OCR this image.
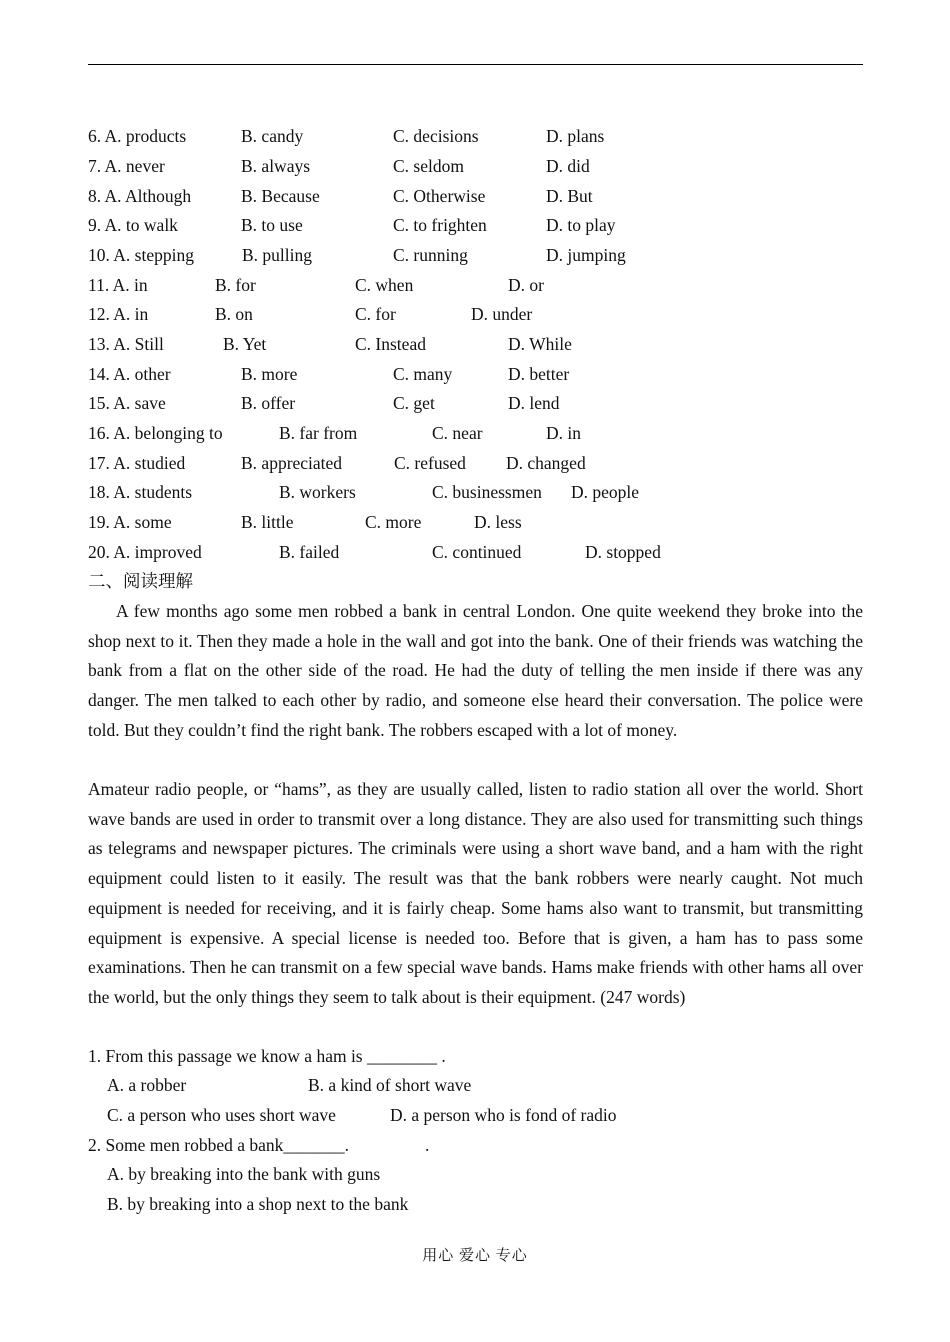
6. A. products	B. candy	C. decisions	D. plans
7. A. never	B. always	C. seldom	D. did
8. A. Although	B. Because	C. Otherwise	D. But
9. A. to walk	B. to use	C. to frighten	D. to play
10. A. stepping	B. pulling	C. running	D. jumping
11. A. in	B. for	C. when	D. or
12. A. in	B. on	C. for	D. under
13. A. Still	B. Yet	C. Instead	D. While
14. A. other	B. more	C. many	D. better
15. A. save	B. offer	C. get	D. lend
16. A. belonging to	B. far from	C. near	D. in
17. A. studied	B. appreciated	C. refused D. changed
18. A. students	B. workers	C. businessmen D. people
19. A. some	B. little	C. more	D. less
20. A. improved	B. failed	C. continued	D. stopped
二、阅读理解
A few months ago some men robbed a bank in central London. One quite weekend they broke into the shop next to it. Then they made a hole in the wall and got into the bank. One of their friends was watching the bank from a flat on the other side of the road. He had the duty of telling the men inside if there was any danger. The men talked to each other by radio, and someone else heard their conversation. The police were told. But they couldn’t find the right bank. The robbers escaped with a lot of money.
Amateur radio people, or “hams”, as they are usually called, listen to radio station all over the world. Short wave bands are used in order to transmit over a long distance. They are also used for transmitting such things as telegrams and newspaper pictures. The criminals were using a short wave band, and a ham with the right equipment could listen to it easily. The result was that the bank robbers were nearly caught. Not much equipment is needed for receiving, and it is fairly cheap. Some hams also want to transmit, but transmitting equipment is expensive. A special license is needed too. Before that is given, a ham has to pass some examinations. Then he can transmit on a few special wave bands. Hams make friends with other hams all over the world, but the only things they seem to talk about is their equipment. (247 words)
1. From this passage we know a ham is ________ .
A. a robber	B. a kind of short wave
C. a person who uses short wave	D. a person who is fond of radio
2. Some men robbed a bank_______.	.
A. by breaking into the bank with guns
B. by breaking into a shop next to the bank
用心 爱心 专心
